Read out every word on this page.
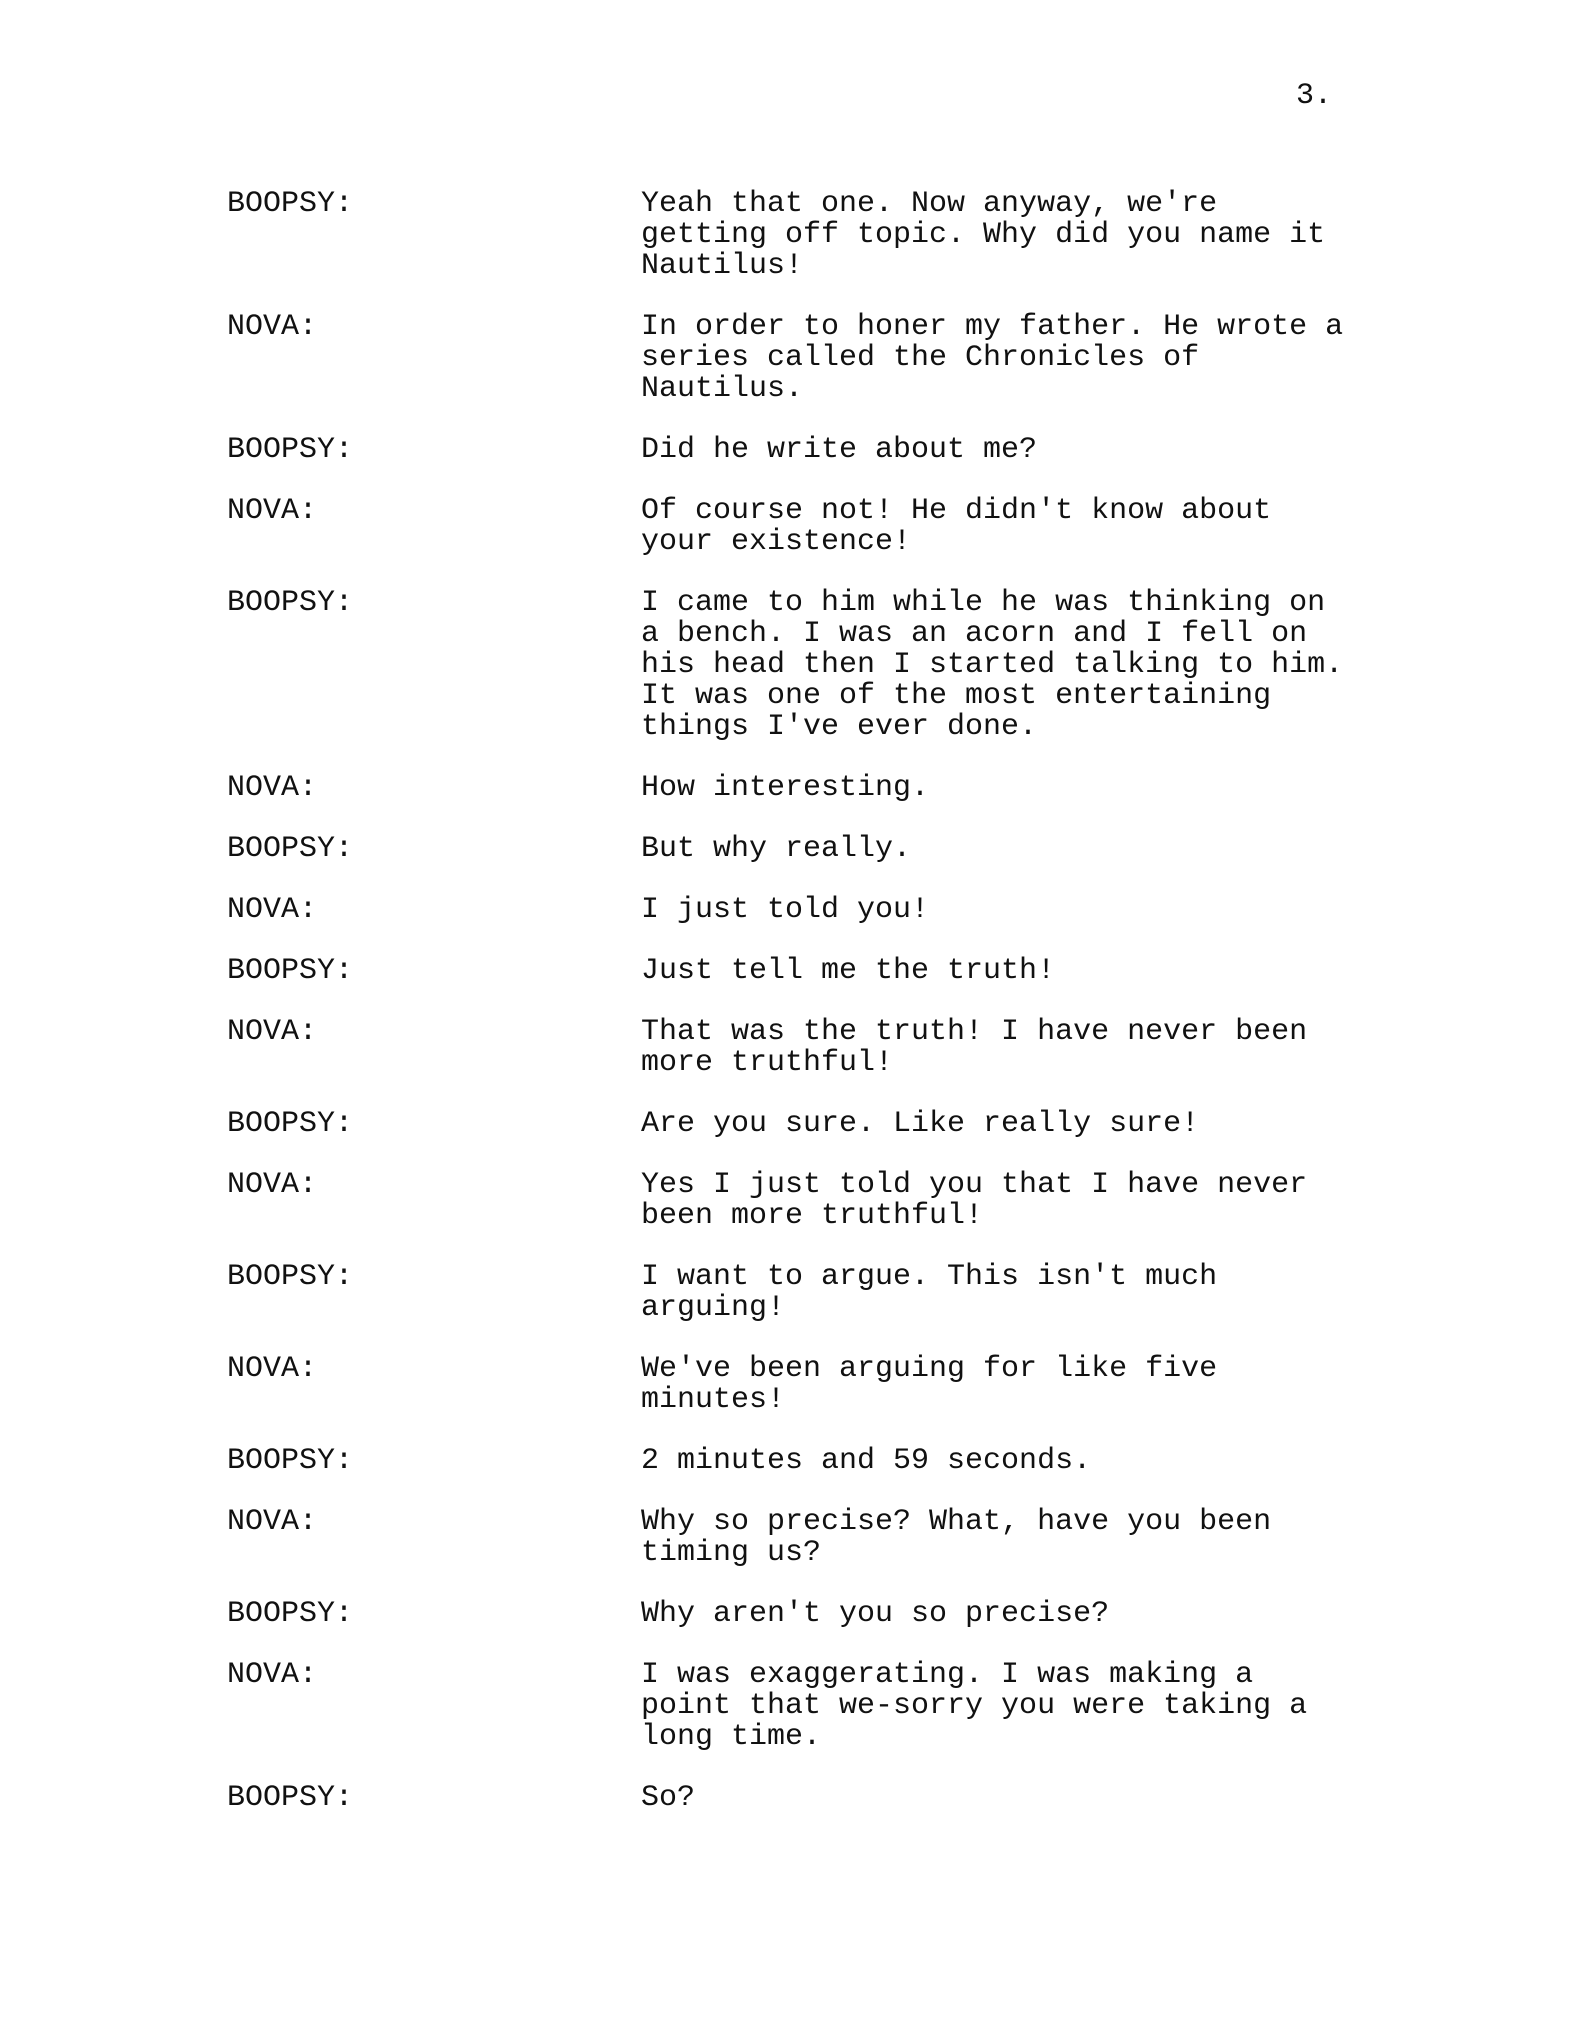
3.
BOOPSY:	Yeah that one. Now anyway, we're getting off topic. Why did you name it Nautilus!
NOVA:	In order to honer my father. He wrote a series called the Chronicles of Nautilus.
BOOPSY:	Did he write about me?
NOVA:	Of course not! He didn't know about your existence!
BOOPSY:	I came to him while he was thinking on a bench. I was an acorn and I fell on his head then I started talking to him. It was one of the most entertaining things I've ever done.
NOVA:	How interesting.
BOOPSY:	But why really.
NOVA:	I just told you!
BOOPSY:	Just tell me the truth!
NOVA:	That was the truth! I have never been more truthful!
BOOPSY:	Are you sure. Like really sure!
NOVA:	Yes I just told you that I have never been more truthful!
BOOPSY:	I want to argue. This isn't much arguing!
NOVA:	We've been arguing for like five minutes!
BOOPSY:	2 minutes and 59 seconds.
NOVA:	Why so precise? What, have you been timing us?
BOOPSY:	Why aren't you so precise?
NOVA:	I was exaggerating. I was making a point that we-sorry you were taking a long time.
BOOPSY:	So?
